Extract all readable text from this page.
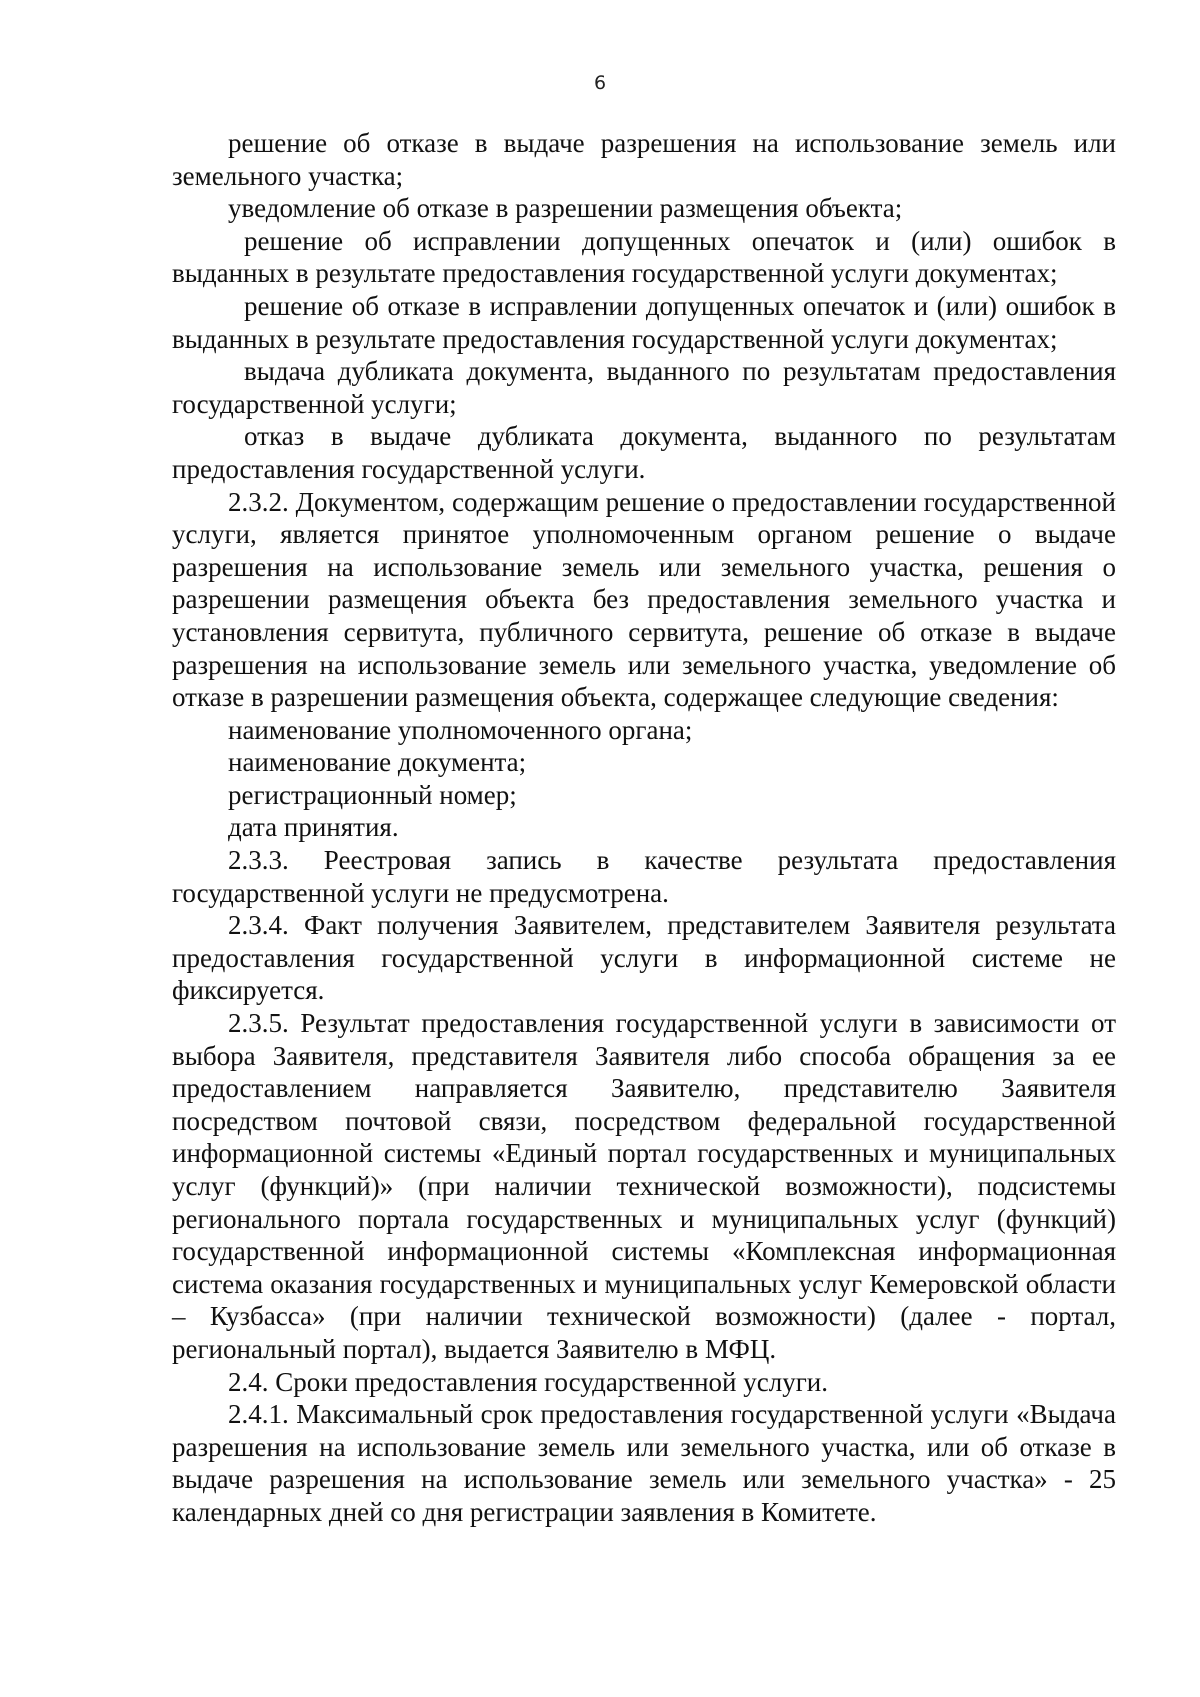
6

решение об отказе в выдаче разрешения на использование земель или земельного участка;

уведомление об отказе в разрешении размещения объекта;

решение об исправлении допущенных опечаток и (или) ошибок в выданных в результате предоставления государственной услуги документах;

решение об отказе в исправлении допущенных опечаток и (или) ошибок в выданных в результате предоставления государственной услуги документах;

выдача дубликата документа, выданного по результатам предоставления государственной услуги;

отказ в выдаче дубликата документа, выданного по результатам предоставления государственной услуги.

2.3.2. Документом, содержащим решение о предоставлении государственной услуги, является принятое уполномоченным органом решение о выдаче разрешения на использование земель или земельного участка, решения о разрешении размещения объекта без предоставления земельного участка и установления сервитута, публичного сервитута, решение об отказе в выдаче разрешения на использование земель или земельного участка, уведомление об отказе в разрешении размещения объекта, содержащее следующие сведения:

наименование уполномоченного органа;

наименование документа;

регистрационный номер;

дата принятия.

2.3.3. Реестровая запись в качестве результата предоставления государственной услуги не предусмотрена.

2.3.4. Факт получения Заявителем, представителем Заявителя результата предоставления государственной услуги в информационной системе не фиксируется.

2.3.5. Результат предоставления государственной услуги в зависимости от выбора Заявителя, представителя Заявителя либо способа обращения за ее предоставлением направляется Заявителю, представителю Заявителя посредством почтовой связи, посредством федеральной государственной информационной системы «Единый портал государственных и муниципальных услуг (функций)» (при наличии технической возможности), подсистемы регионального портала государственных и муниципальных услуг (функций) государственной информационной системы «Комплексная информационная система оказания государственных и муниципальных услуг Кемеровской области – Кузбасса» (при наличии технической возможности) (далее - портал, региональный портал), выдается Заявителю в МФЦ.

2.4. Сроки предоставления государственной услуги.

2.4.1. Максимальный срок предоставления государственной услуги «Выдача разрешения на использование земель или земельного участка, или об отказе в выдаче разрешения на использование земель или земельного участка» - 25 календарных дней со дня регистрации заявления в Комитете.
